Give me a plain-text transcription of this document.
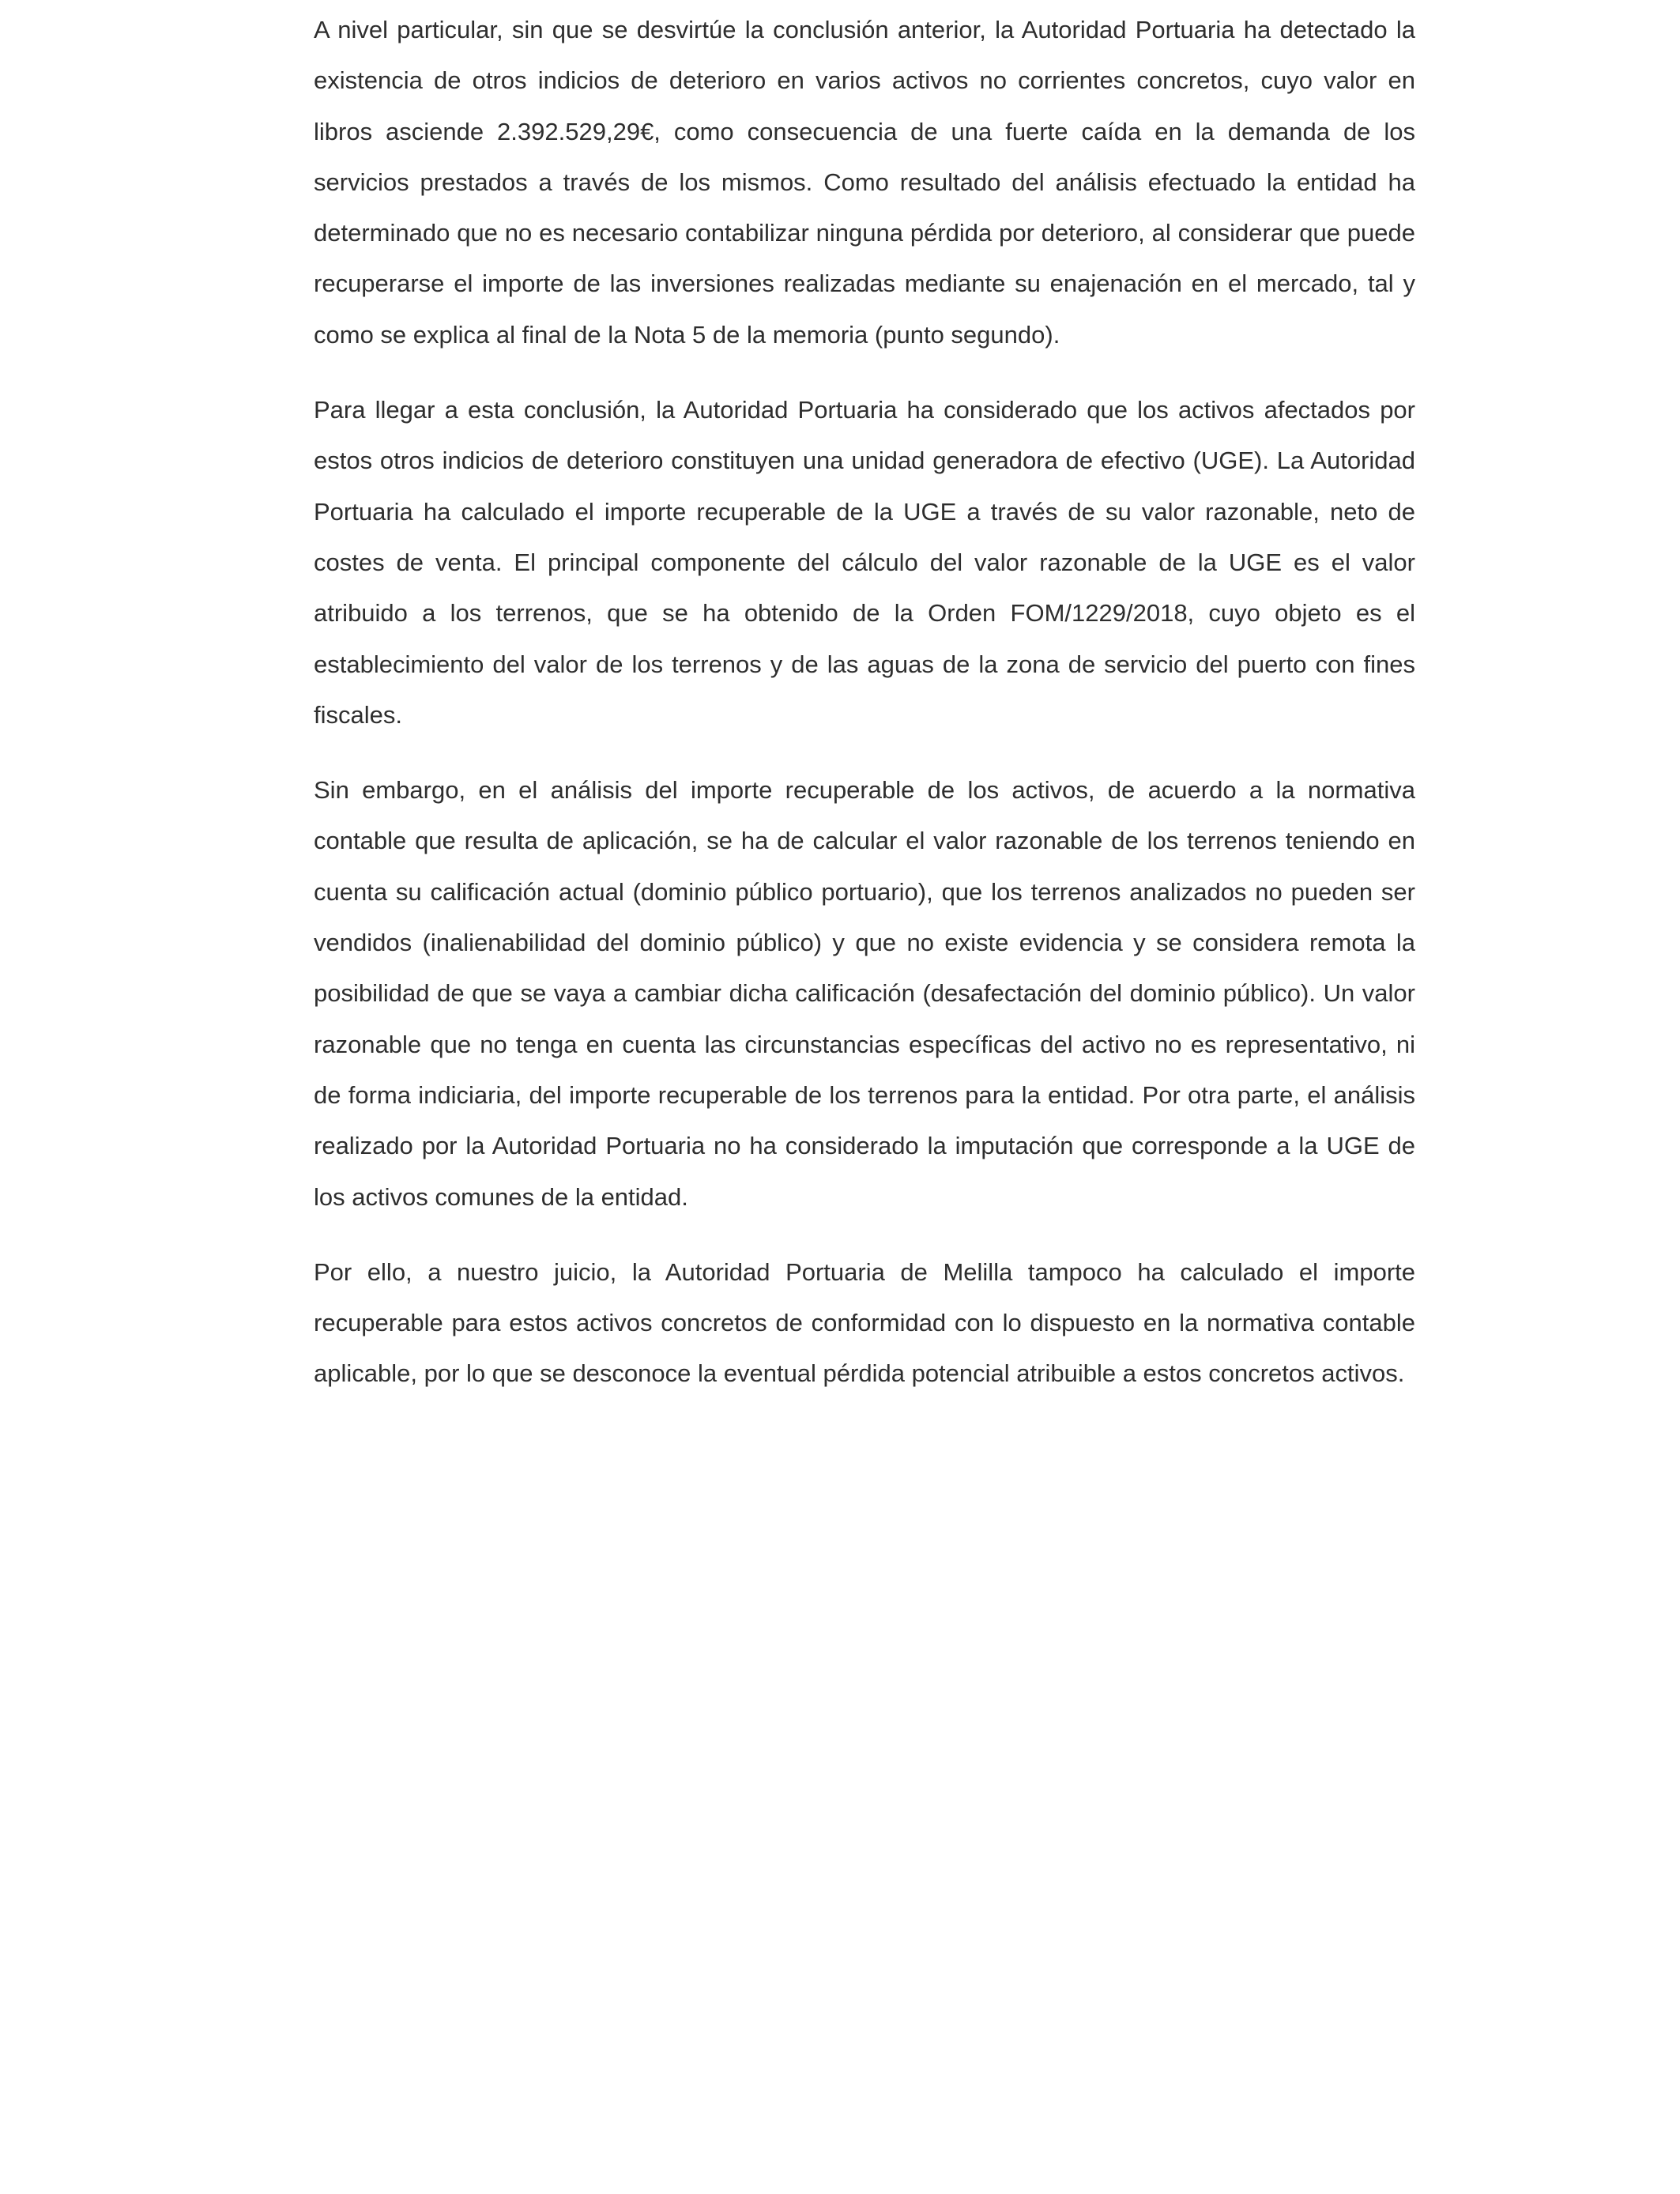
A nivel particular, sin que se desvirtúe la conclusión anterior, la Autoridad Portuaria ha detectado la existencia de otros indicios de deterioro en varios activos no corrientes concretos, cuyo valor en libros asciende 2.392.529,29€, como consecuencia de una fuerte caída en la demanda de los servicios prestados a través de los mismos. Como resultado del análisis efectuado la entidad ha determinado que no es necesario contabilizar ninguna pérdida por deterioro, al considerar que puede recuperarse el importe de las inversiones realizadas mediante su enajenación en el mercado, tal y como se explica al final de la Nota 5 de la memoria (punto segundo).

Para llegar a esta conclusión, la Autoridad Portuaria ha considerado que los activos afectados por estos otros indicios de deterioro constituyen una unidad generadora de efectivo (UGE). La Autoridad Portuaria ha calculado el importe recuperable de la UGE a través de su valor razonable, neto de costes de venta. El principal componente del cálculo del valor razonable de la UGE es el valor atribuido a los terrenos, que se ha obtenido de la Orden FOM/1229/2018, cuyo objeto es el establecimiento del valor de los terrenos y de las aguas de la zona de servicio del puerto con fines fiscales.

Sin embargo, en el análisis del importe recuperable de los activos, de acuerdo a la normativa contable que resulta de aplicación, se ha de calcular el valor razonable de los terrenos teniendo en cuenta su calificación actual (dominio público portuario), que los terrenos analizados no pueden ser vendidos (inalienabilidad del dominio público) y que no existe evidencia y se considera remota la posibilidad de que se vaya a cambiar dicha calificación (desafectación del dominio público). Un valor razonable que no tenga en cuenta las circunstancias específicas del activo no es representativo, ni de forma indiciaria, del importe recuperable de los terrenos para la entidad. Por otra parte, el análisis realizado por la Autoridad Portuaria no ha considerado la imputación que corresponde a la UGE de los activos comunes de la entidad.

Por ello, a nuestro juicio, la Autoridad Portuaria de Melilla tampoco ha calculado el importe recuperable para estos activos concretos de conformidad con lo dispuesto en la normativa contable aplicable, por lo que se desconoce la eventual pérdida potencial atribuible a estos concretos activos.
